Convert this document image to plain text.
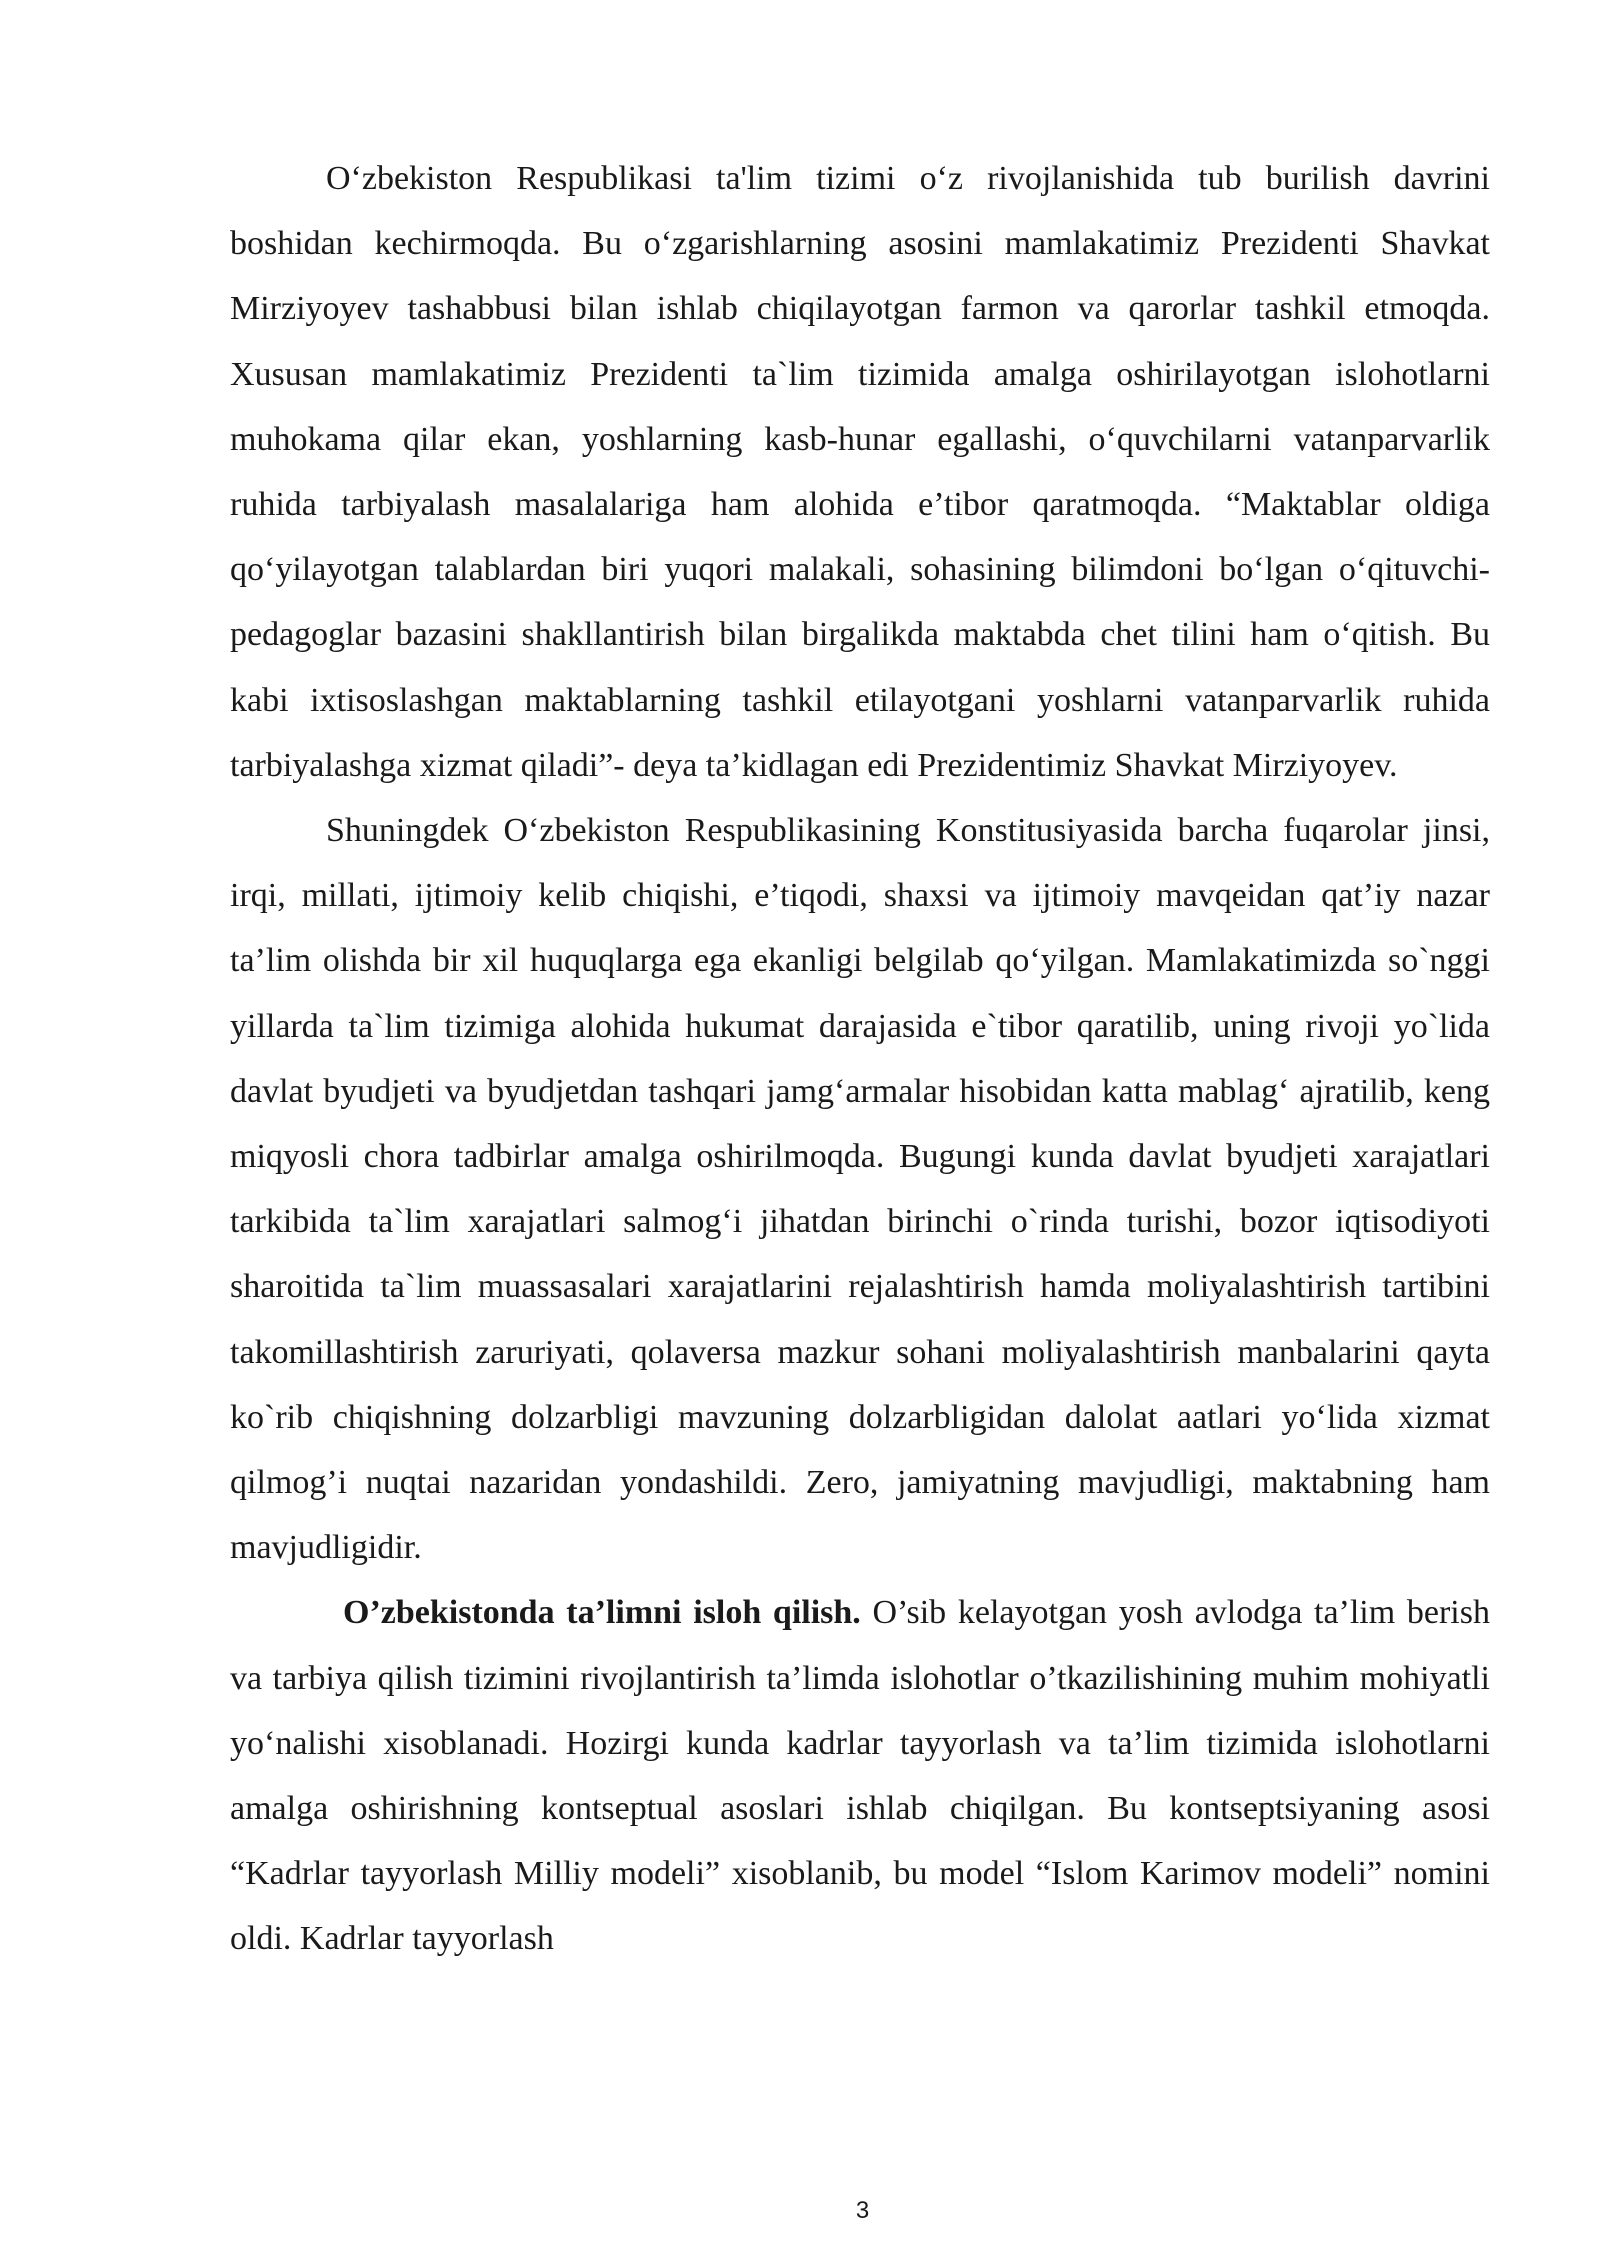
O‘zbekiston Respublikasi ta'lim tizimi o‘z rivojlanishida tub burilish davrini boshidan kechirmoqda. Bu o‘zgarishlarning asosini mamlakatimiz Prezidenti Shavkat Mirziyoyev tashabbusi bilan ishlab chiqilayotgan farmon va qarorlar tashkil etmoqda. Xususan mamlakatimiz Prezidenti ta`lim tizimida amalga oshirilayotgan islohotlarni muhokama qilar ekan, yoshlarning kasb-hunar egallashi, o‘quvchilarni vatanparvarlik ruhida tarbiyalash masalalariga ham alohida e’tibor qaratmoqda. “Maktablar oldiga qo‘yilayotgan talablardan biri yuqori malakali, sohasining bilimdoni bo‘lgan o‘qituvchi-pedagoglar bazasini shakllantirish bilan birgalikda maktabda chet tilini ham o‘qitish. Bu kabi ixtisoslashgan maktablarning tashkil etilayotgani yoshlarni vatanparvarlik ruhida tarbiyalashga xizmat qiladi”- deya ta’kidlagan edi Prezidentimiz Shavkat Mirziyoyev.

Shuningdek O‘zbekiston Respublikasining Konstitusiyasida barcha fuqarolar jinsi, irqi, millati, ijtimoiy kelib chiqishi, e’tiqodi, shaxsi va ijtimoiy mavqeidan qat’iy nazar ta’lim olishda bir xil huquqlarga ega ekanligi belgilab qo‘yilgan. Mamlakatimizda so`nggi yillarda ta`lim tizimiga alohida hukumat darajasida e`tibor qaratilib, uning rivoji yo`lida davlat byudjeti va byudjetdan tashqari jamg‘armalar hisobidan katta mablag‘ ajratilib, keng miqyosli chora tadbirlar amalga oshirilmoqda. Bugungi kunda davlat byudjeti xarajatlari tarkibida ta`lim xarajatlari salmog‘i jihatdan birinchi o`rinda turishi, bozor iqtisodiyoti sharoitida ta`lim muassasalari xarajatlarini rejalashtirish hamda moliyalashtirish tartibini takomillashtirish zaruriyati, qolaversa mazkur sohani moliyalashtirish manbalarini qayta ko`rib chiqishning dolzarbligi mavzuning dolzarbligidan dalolat aatlari yo‘lida xizmat qilmog’i nuqtai nazaridan yondashildi. Zero, jamiyatning mavjudligi, maktabning ham mavjudligidir.

O’zbekistonda ta’limni isloh qilish. O’sib kelayotgan yosh avlodga ta’lim berish va tarbiya qilish tizimini rivojlantirish ta’limda islohotlar o’tkazilishining muhim mohiyatli yo‘nalishi xisoblanadi. Hozirgi kunda kadrlar tayyorlash va ta’lim tizimida islohotlarni amalga oshirishning kontseptual asoslari ishlab chiqilgan. Bu kontseptsiyaning asosi “Kadrlar tayyorlash Milliy modeli” xisoblanib, bu model “Islom Karimov modeli” nomini oldi. Kadrlar tayyorlash

3
